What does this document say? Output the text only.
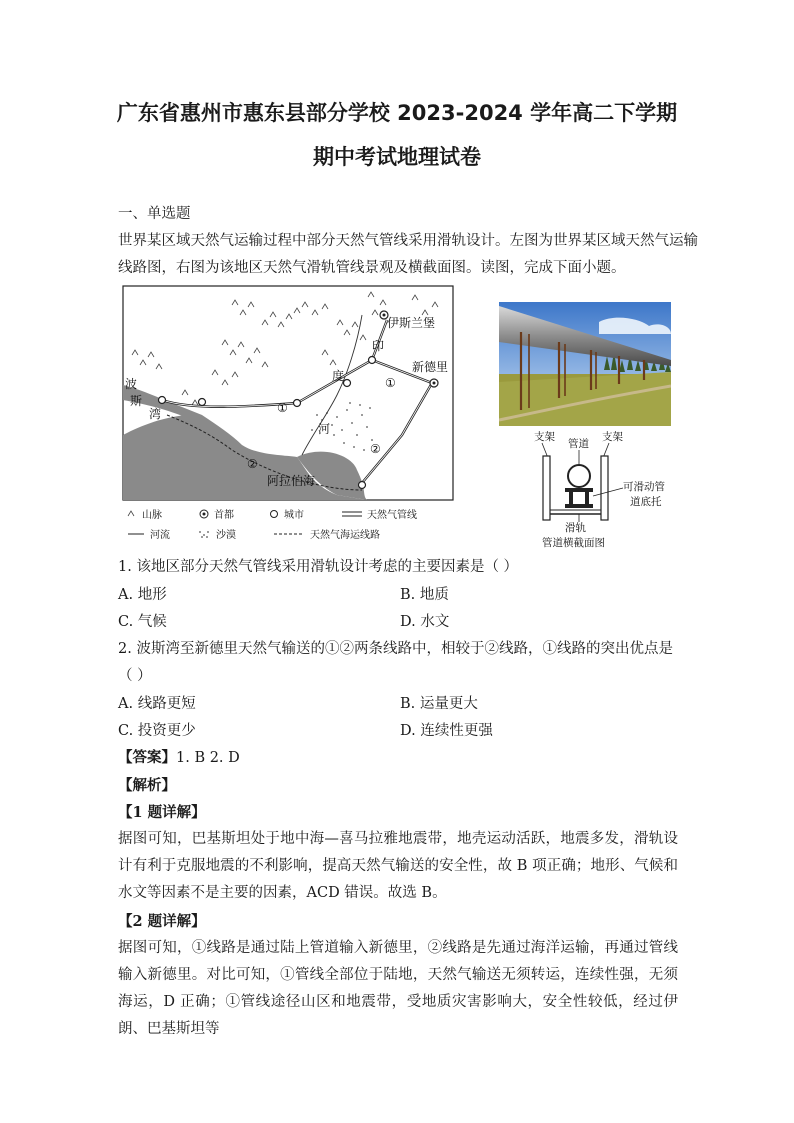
广东省惠州市惠东县部分学校 2023-2024 学年高二下学期
期中考试地理试卷
一、单选题
世界某区域天然气运输过程中部分天然气管线采用滑轨设计。左图为世界某区域天然气运输
线路图，右图为该地区天然气滑轨管线景观及横截面图。读图，完成下面小题。
波
斯
湾
伊斯兰堡
印
度
河
新德里
阿拉伯海
①
①
②
②
山脉	首都	城市	天然气管线
河流	沙漠	天然气海运线路
支架
管道
支架
可滑动管
道底托
滑轨
管道横截面图
1. 该地区部分天然气管线采用滑轨设计考虑的主要因素是（ ）
A. 地形	B. 地质
C. 气候	D. 水文
2. 波斯湾至新德里天然气输送的①②两条线路中，相较于②线路，①线路的突出优点是
（ ）
A. 线路更短	B. 运量更大
C. 投资更少	D. 连续性更强
【答案】1. B 2. D
【解析】
【1 题详解】
据图可知，巴基斯坦处于地中海—喜马拉雅地震带，地壳运动活跃，地震多发，滑轨设计有利于克服地震的不利影响，提高天然气输送的安全性，故 B 项正确；地形、气候和水文等因素不是主要的因素，ACD 错误。故选 B。
【2 题详解】
据图可知，①线路是通过陆上管道输入新德里，②线路是先通过海洋运输，再通过管线输入新德里。对比可知，①管线全部位于陆地，天然气输送无须转运，连续性强，无须海运，D 正确；①管线途径山区和地震带，受地质灾害影响大，安全性较低，经过伊朗、巴基斯坦等
